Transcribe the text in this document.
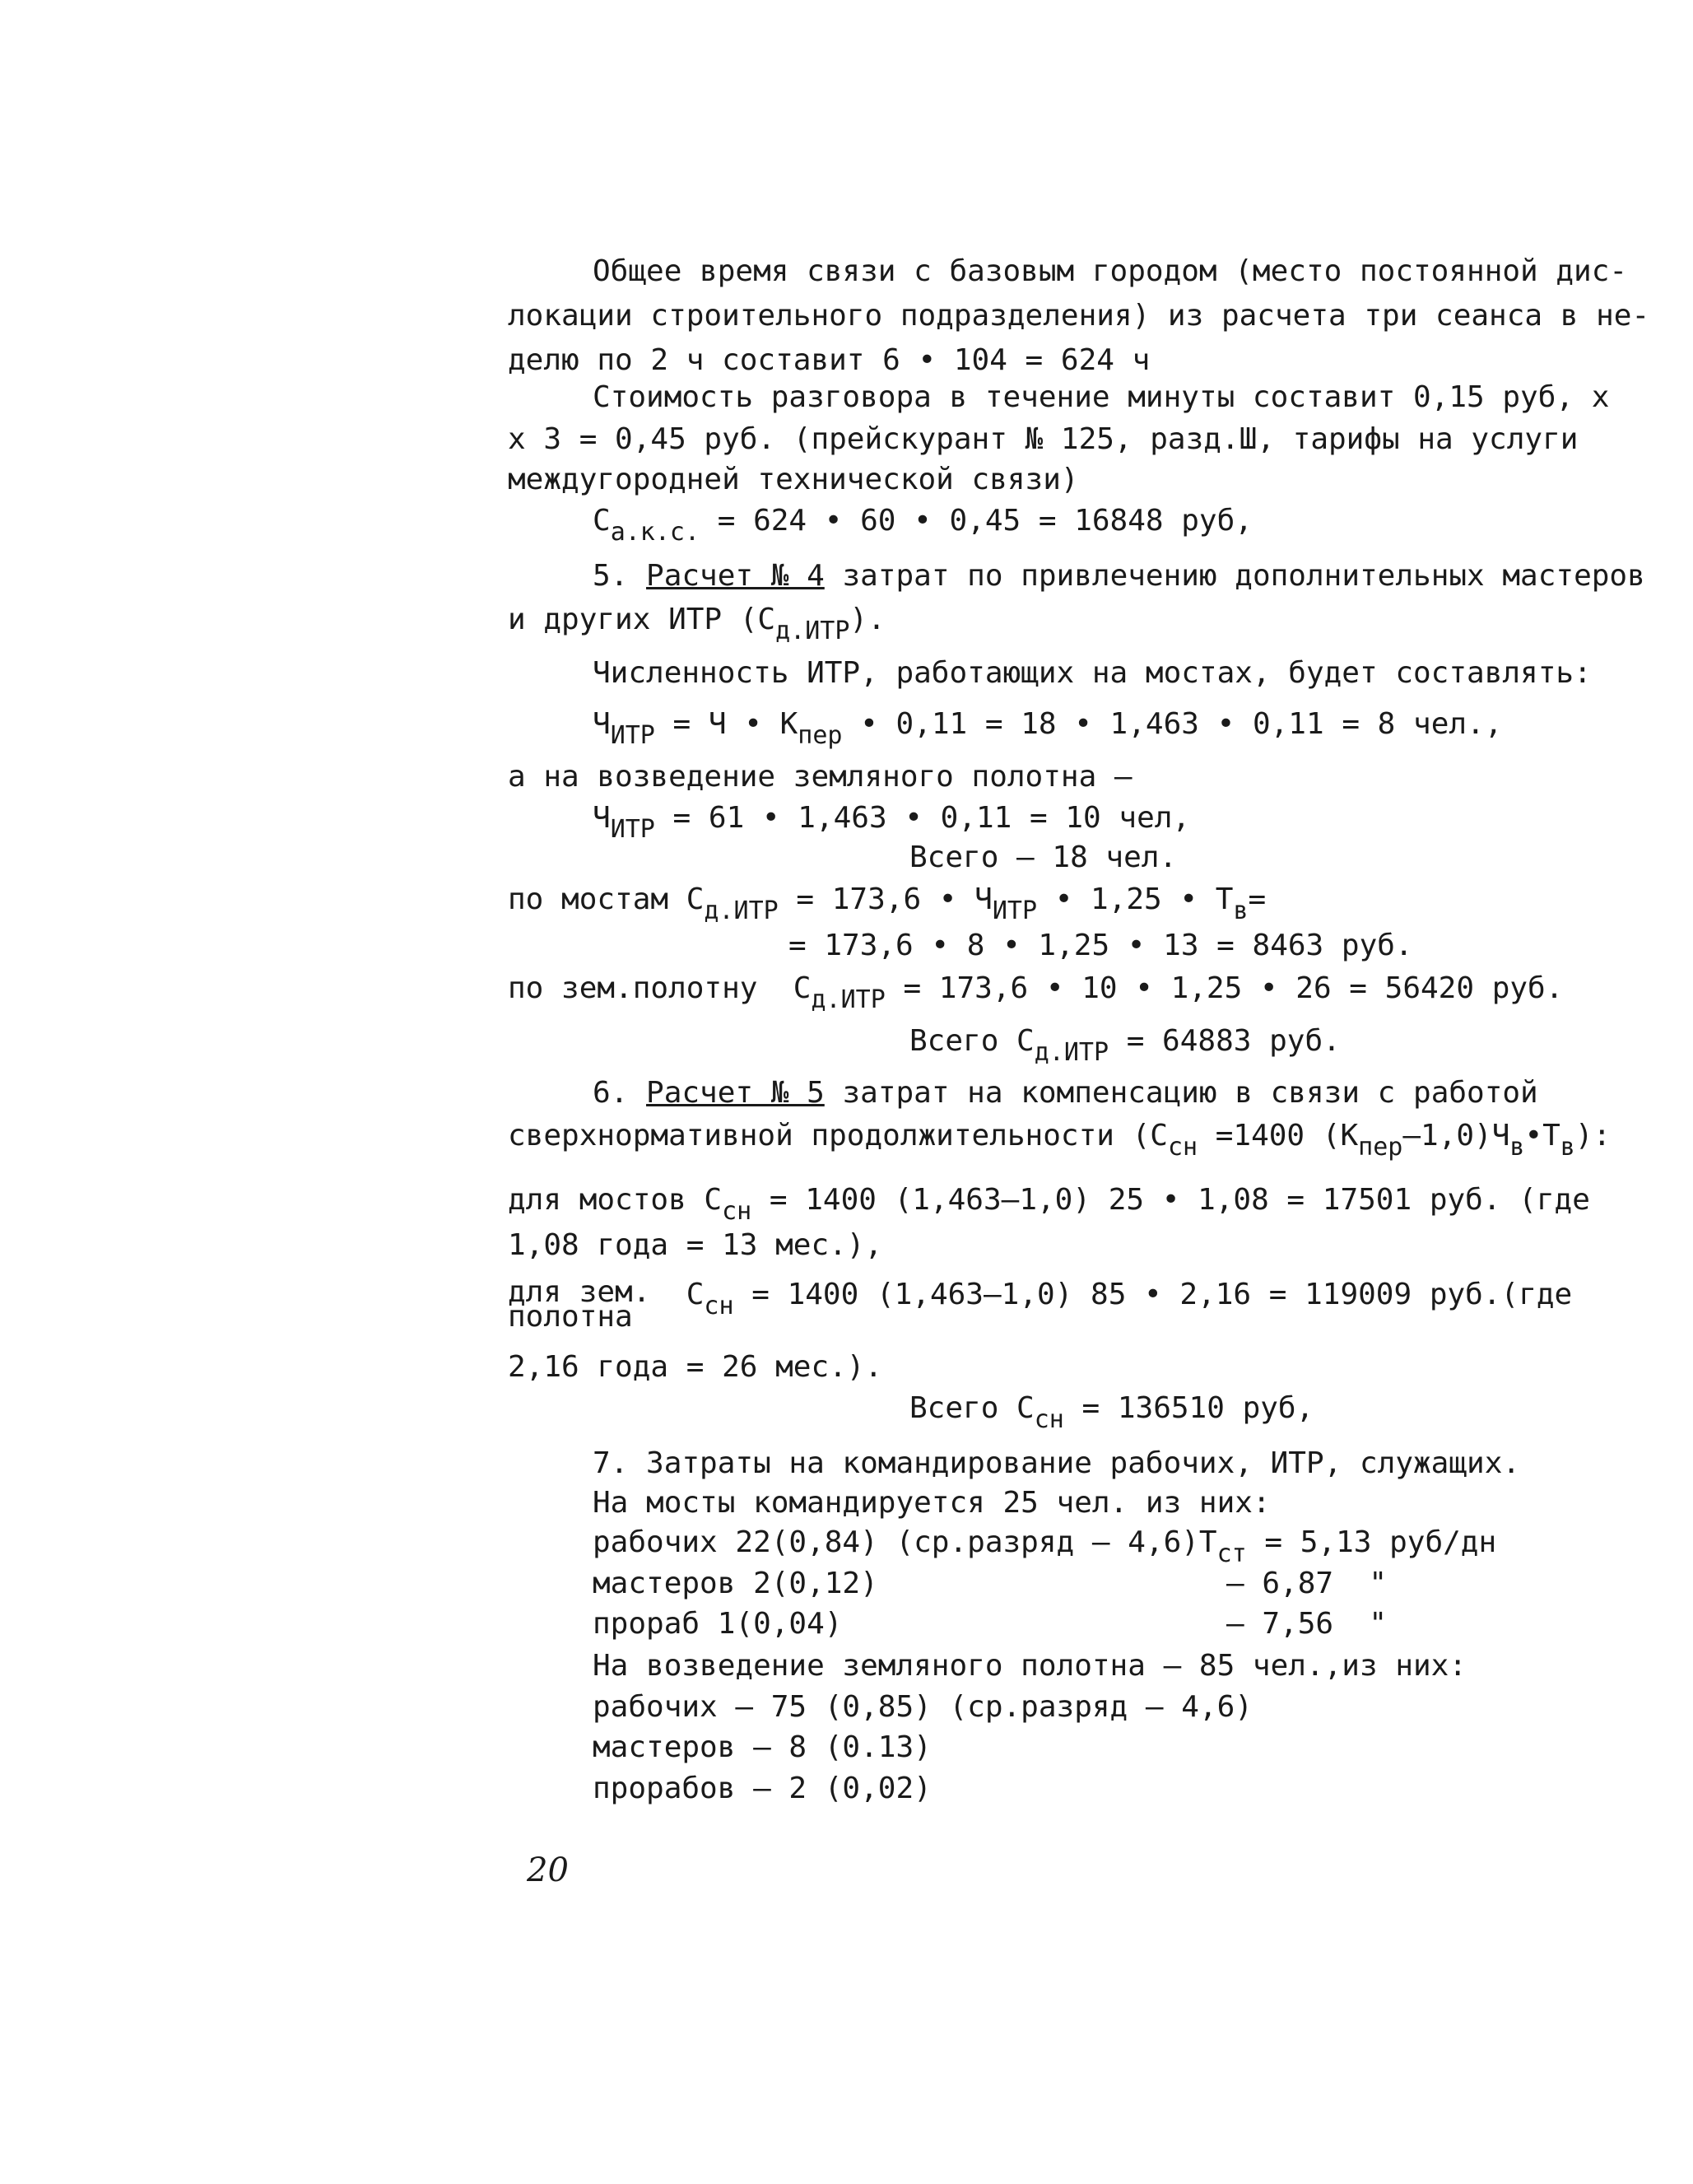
Общее время связи с базовым городом (место постоянной дис-
локации строительного подразделения) из расчета три сеанса в не-
делю по 2 ч составит 6 • 104 = 624 ч
Стоимость разговора в течение минуты составит 0,15 руб, x
x 3 = 0,45 руб. (прейскурант № 125, разд.Ш, тарифы на услуги
междугородней технической связи)
$С_{а.к.с.} = 624$ • 60 • 0,45 = 16848 руб,
5. Расчет № 4 затрат по привлечению дополнительных мастеров
и других ИТР $(С_{д.ИТР})$.
Численность ИТР, работающих на мостах, будет составлять:
$Ч_{ИТР} = Ч$ • $К_{пер}$ • 0,11 = 18 • 1,463 • 0,11 = 8 чел.,
а на возведение земляного полотна –
$Ч_{ИТР} = 61$ • 1,463 • 0,11 = 10 чел,
Всего – 18 чел.
по мостам $С_{д.ИТР} = 173,6$ • $Ч_{ИТР}$ • 1,25 • $Т_в=$
= 173,6 • 8 • 1,25 • 13 = 8463 руб.
по зем.полотну  $С_{д.ИТР} = 173,6$ • 10 • 1,25 • 26 = 56420 руб.
Всего $С_{д.ИТР} = 64883$ руб.
6. Расчет № 5 затрат на компенсацию в связи с работой
сверхнормативной продолжительности ($С_{сн} =1400$ $(К_{пер}-1,0)Ч_в•Т_в$):
для мостов $С_{сн} = 1400$ (1,463–1,0) 25 • 1,08 = 17501 руб. (где
1,08 года = 13 мес.),
для зем.
полотна  $С_{сн} = 1400$ (1,463–1,0) 85 • 2,16 = 119009 руб.(где
2,16 года = 26 мес.).
Всего $С_{сн} = 136510$ руб,
7. Затраты на командирование рабочих, ИТР, служащих.
На мосты командируется 25 чел. из них:
рабочих 22(0,84) (ср.разряд – $4,6)Т_{ст} = 5,13$ руб/дн
мастеров 2(0,12)	– 6,87  "
прораб 1(0,04)	– 7,56  "
На возведение земляного полотна – 85 чел.,из них:
рабочих – 75 (0,85) (ср.разряд – 4,6)
мастеров – 8 (0.13)
прорабов – 2 (0,02)
20
